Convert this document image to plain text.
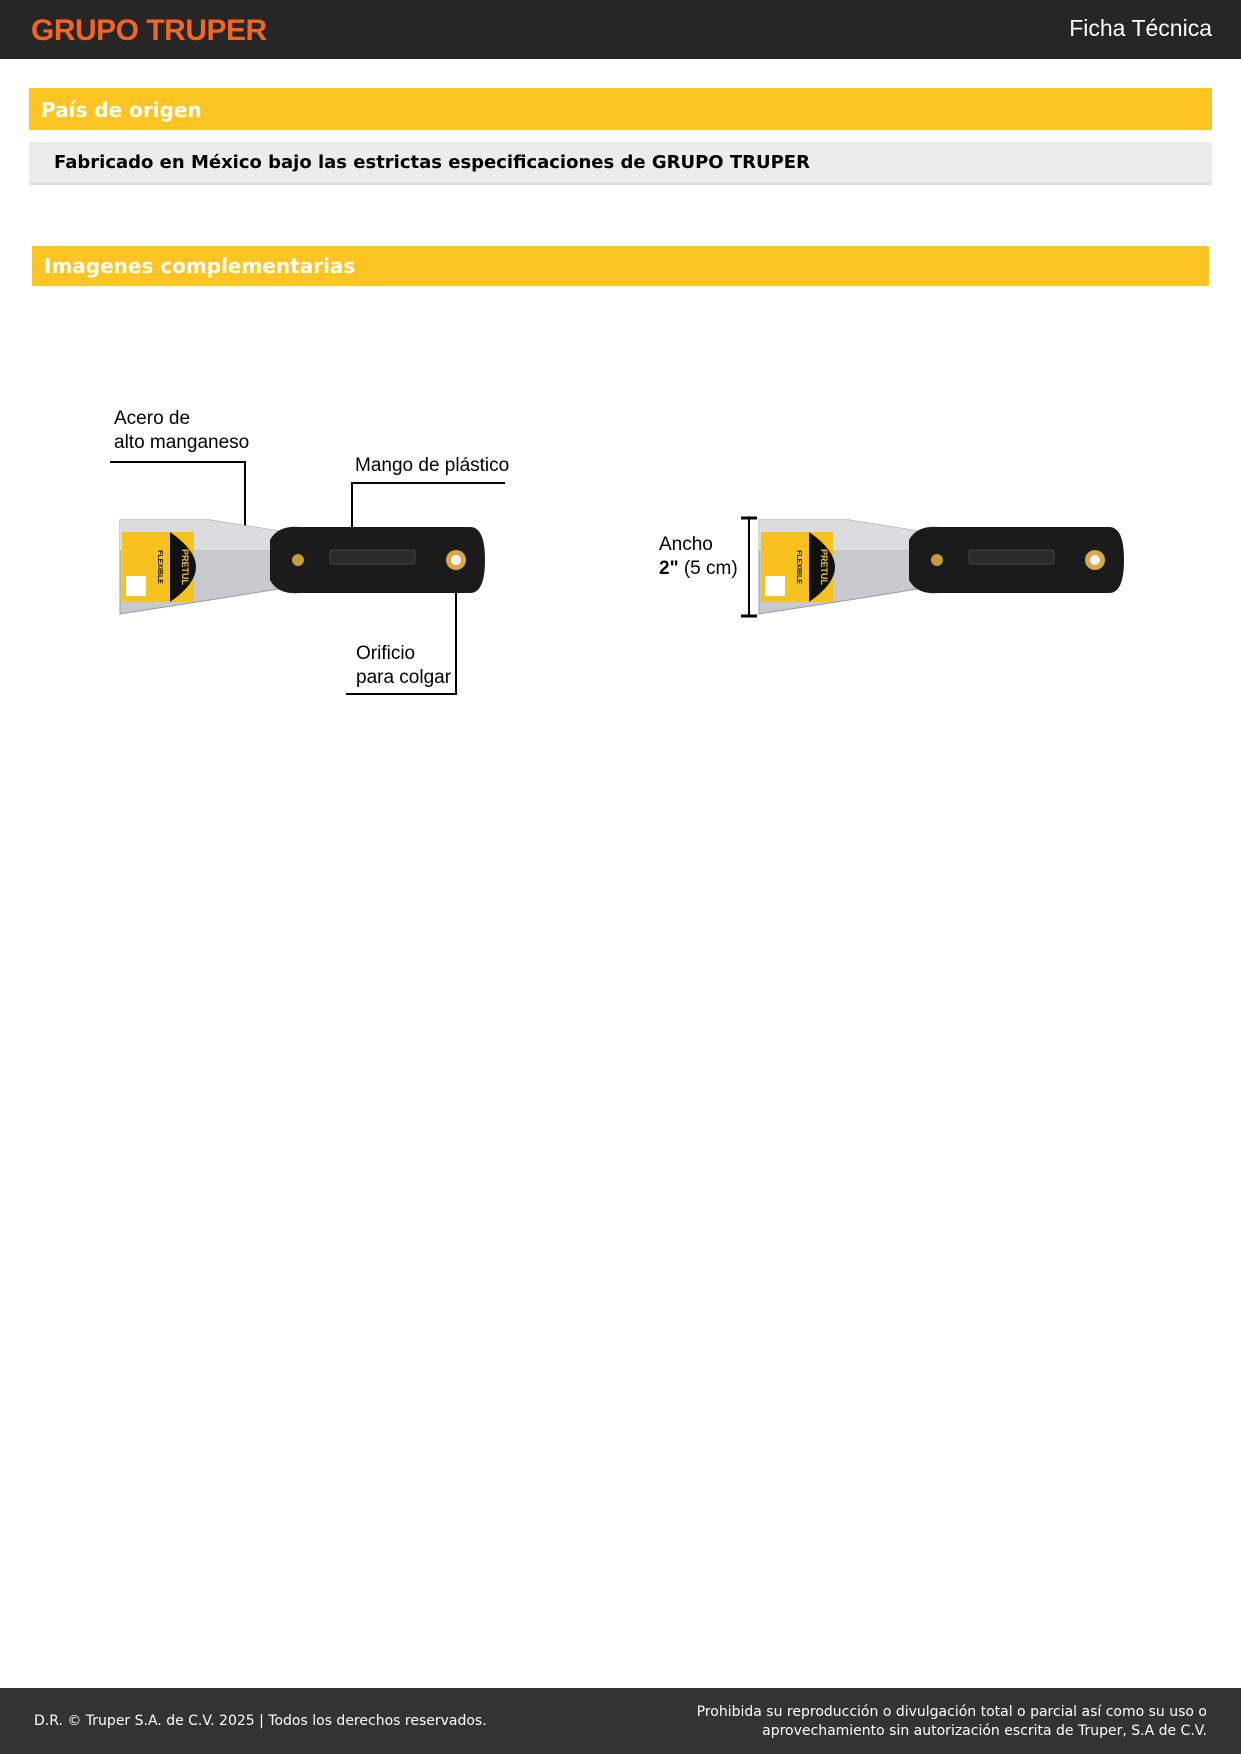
GRUPO TRUPER	Ficha Técnica
País de origen
Fabricado en México bajo las estrictas especificaciones de GRUPO TRUPER
Imagenes complementarias
PRETUL
FLEXIBLE
Acero de
alto manganeso
Mango de plástico
Orificio
para colgar
PRETUL
FLEXIBLE
Ancho
2" (5 cm)
D.R. © Truper S.A. de C.V. 2025 | Todos los derechos reservados.
Prohibida su reproducción o divulgación total o parcial así como su uso o
aprovechamiento sin autorización escrita de Truper, S.A de C.V.
